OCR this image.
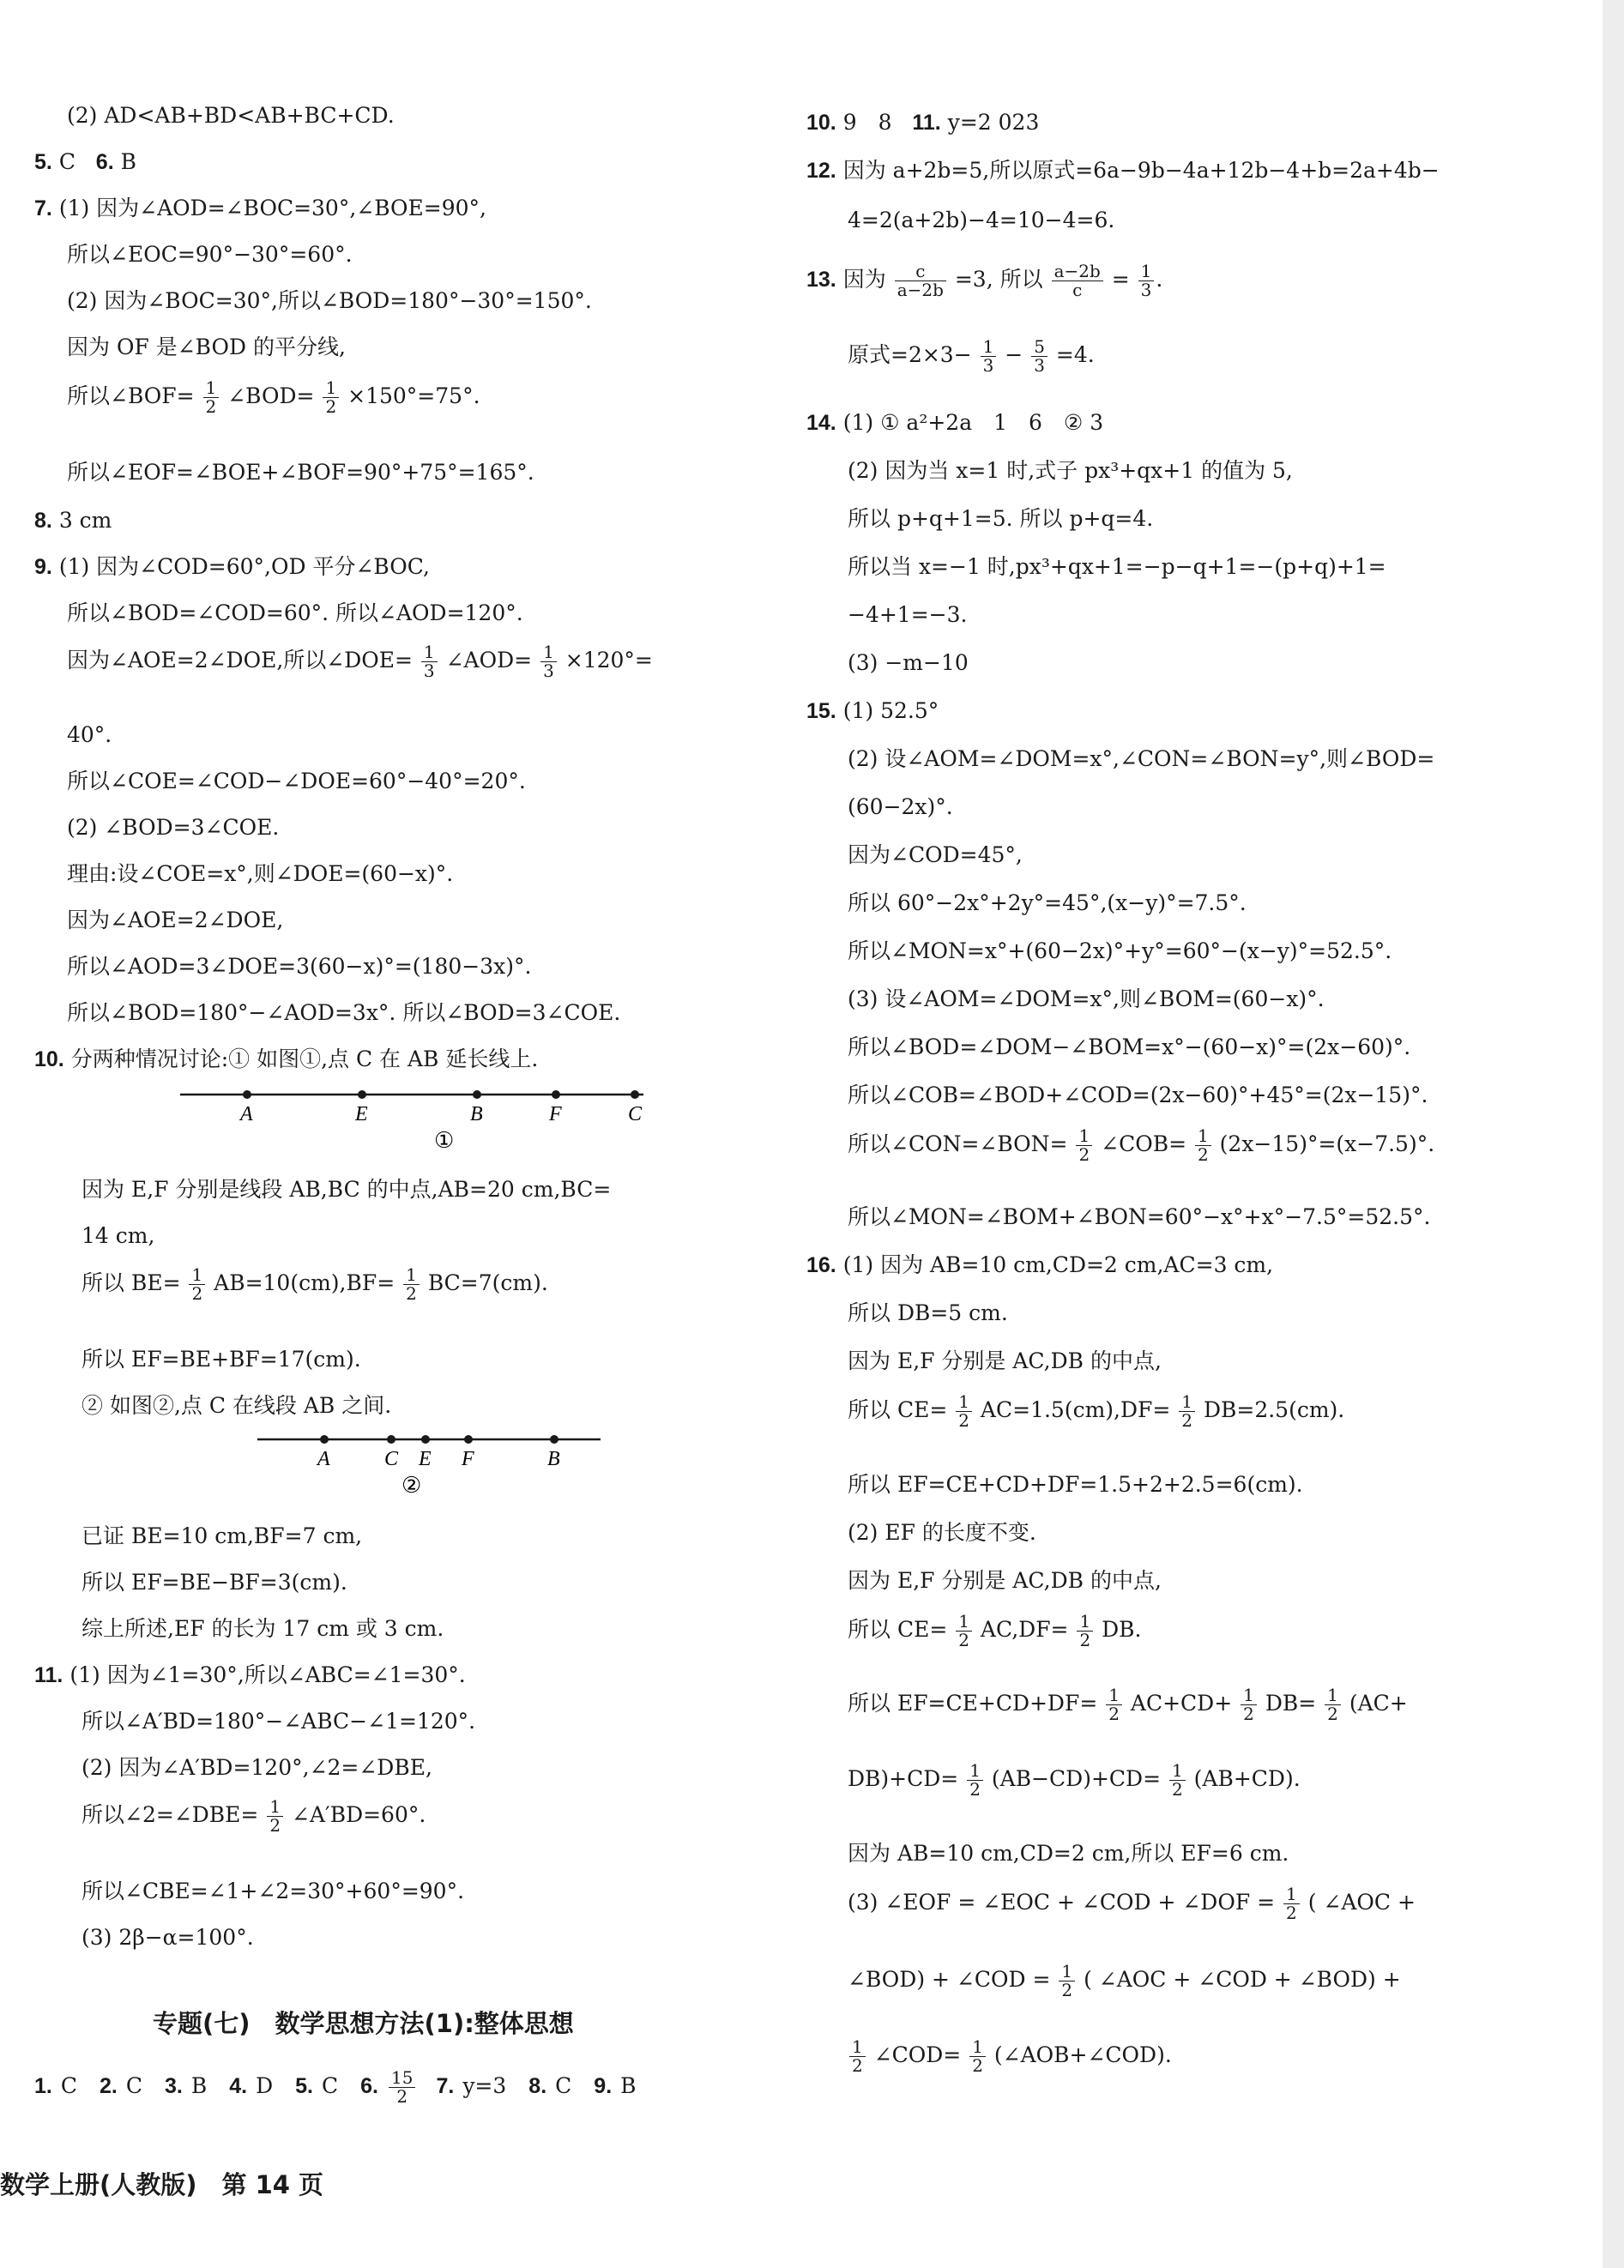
(2) AD<AB+BD<AB+BC+CD.
5. C 6. B
7. (1) 因为∠AOD=∠BOC=30°,∠BOE=90°,
所以∠EOC=90°−30°=60°.
(2) 因为∠BOC=30°,所以∠BOD=180°−30°=150°.
因为 OF 是∠BOD 的平分线,
所以∠BOF= $\frac{1}{2}$ ∠BOD= $\frac{1}{2} \times 150^\circ=75^\circ$.
所以∠EOF=∠BOE+∠BOF=90°+75°=165°.
8. 3 cm
9. (1) 因为∠COD=60°,OD 平分∠BOC,
所以∠BOD=∠COD=60°. 所以∠AOD=120°.
因为∠AOE=2∠DOE,所以∠DOE= $\frac{1}{3}$ ∠AOD= $\frac{1}{3} \times 120^\circ=$
40°.
所以∠COE=∠COD−∠DOE=60°−40°=20°.
(2) ∠BOD=3∠COE.
理由:设∠COE=x°,则∠DOE=(60−x)°.
因为∠AOE=2∠DOE,
所以∠AOD=3∠DOE=3(60−x)°=(180−3x)°.
所以∠BOD=180°−∠AOD=3x°. 所以∠BOD=3∠COE.
10. 分两种情况讨论:① 如图①,点 C 在 AB 延长线上.
A	E	B	F	C
①
因为 E,F 分别是线段 AB,BC 的中点,AB=20 cm,BC=
14 cm,
所以 $BE= \frac{1}{2} AB=10(cm),BF= \frac{1}{2} BC=7(cm)$.
所以 EF=BE+BF=17(cm).
② 如图②,点 C 在线段 AB 之间.
A	C E F	B
②
已证 BE=10 cm,BF=7 cm,
所以 EF=BE−BF=3(cm).
综上所述,EF 的长为 17 cm 或 3 cm.
11. (1) 因为∠1=30°,所以∠ABC=∠1=30°.
所以∠A′BD=180°−∠ABC−∠1=120°.
(2) 因为∠A′BD=120°,∠2=∠DBE,
所以∠2=∠DBE= $\frac{1}{2}$ ∠A′BD=60°.
所以∠CBE=∠1+∠2=30°+60°=90°.
(3) 2β−α=100°.
专题(七)　数学思想方法(1):整体思想
1. C 2. C 3. B 4. D 5. C 6. $\frac{15}{2} 7$. y=3 8. C 9. B
数学上册(人教版)　第 14 页
10. 9　8 11. y=2 023
12. 因为 a+2b=5,所以原式=6a−9b−4a+12b−4+b=2a+4b−
4=2(a+2b)−4=10−4=6.
13. 因为 $\frac{c}{a-2b} =3$, 所以 $\frac{a-2b}{c} = \frac{1}{3}$ .
原式$=2\times 3- \frac{1}{3} - \frac{5}{3} =4$.
14. (1) ① a²+2a　1　6　② 3
(2) 因为当 x=1 时,式子 px³+qx+1 的值为 5,
所以 p+q+1=5. 所以 p+q=4.
所以当 x=−1 时,px³+qx+1=−p−q+1=−(p+q)+1=
−4+1=−3.
(3) −m−10
15. (1) 52.5°
(2) 设∠AOM=∠DOM=x°,∠CON=∠BON=y°,则∠BOD=
(60−2x)°.
因为∠COD=45°,
所以 60°−2x°+2y°=45°,(x−y)°=7.5°.
所以∠MON=x°+(60−2x)°+y°=60°−(x−y)°=52.5°.
(3) 设∠AOM=∠DOM=x°,则∠BOM=(60−x)°.
所以∠BOD=∠DOM−∠BOM=x°−(60−x)°=(2x−60)°.
所以∠COB=∠BOD+∠COD=(2x−60)°+45°=(2x−15)°.
所以∠CON=∠BON= $\frac{1}{2}$ ∠COB= $\frac{1}{2} (2x-15)^\circ=(x-7.5)^\circ$.
所以∠MON=∠BOM+∠BON=60°−x°+x°−7.5°=52.5°.
16. (1) 因为 AB=10 cm,CD=2 cm,AC=3 cm,
所以 DB=5 cm.
因为 E,F 分别是 AC,DB 的中点,
所以 $CE= \frac{1}{2} AC=1.5(cm),DF= \frac{1}{2} DB=2.5(cm)$.
所以 EF=CE+CD+DF=1.5+2+2.5=6(cm).
(2) EF 的长度不变.
因为 E,F 分别是 AC,DB 的中点,
所以 $CE= \frac{1}{2} AC,DF= \frac{1}{2}$ DB.
所以 $EF=CE+CD+DF= \frac{1}{2} AC+CD+ \frac{1}{2} DB= \frac{1}{2} (AC+$
$DB)+CD= \frac{1}{2} (AB-CD)+CD= \frac{1}{2} (AB+CD)$.
因为 AB=10 cm,CD=2 cm,所以 EF=6 cm.
(3) ∠EOF = ∠EOC + ∠COD + ∠DOF = $\frac{1}{2}$ ( ∠AOC +
∠BOD) + ∠COD = $\frac{1}{2}$ ( ∠AOC + ∠COD + ∠BOD) +
$\frac{1}{2}$ ∠COD= $\frac{1}{2}$ (∠AOB+∠COD).
